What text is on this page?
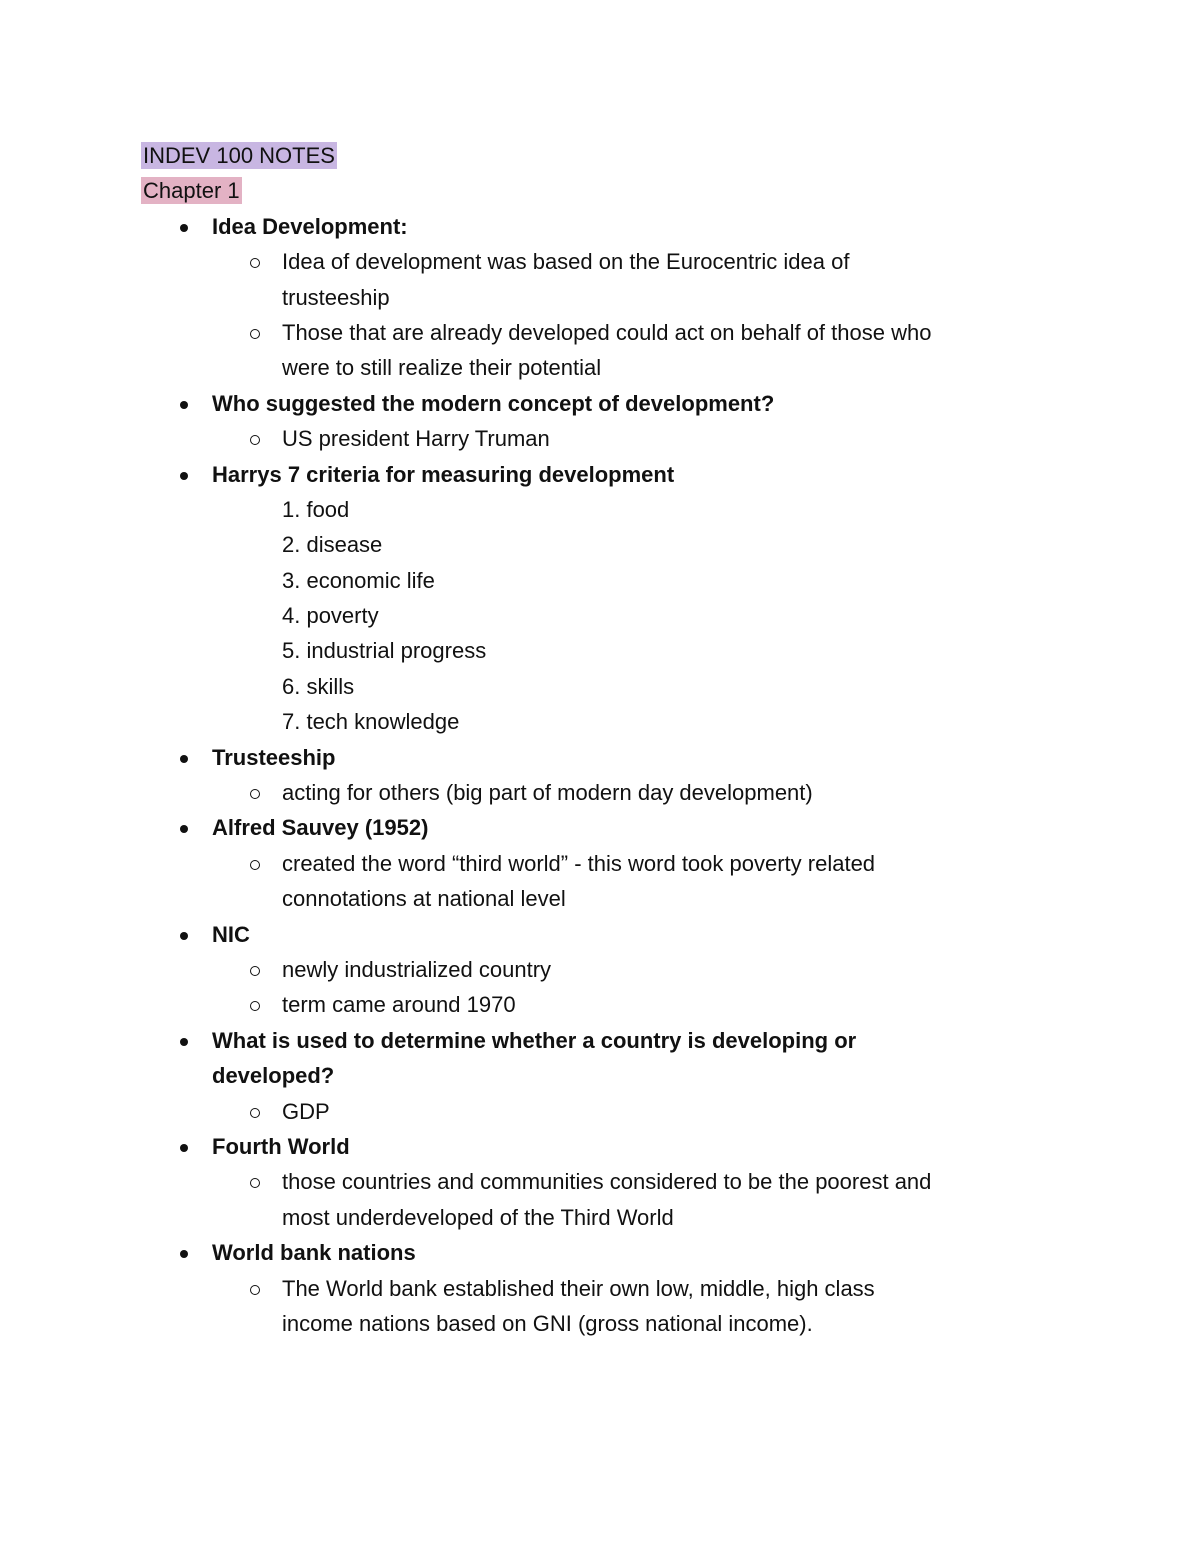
INDEV 100 NOTES
Chapter 1
Idea Development:
Idea of development was based on the Eurocentric idea of
trusteeship
Those that are already developed could act on behalf of those who
were to still realize their potential
Who suggested the modern concept of development?
US president Harry Truman
Harrys 7 criteria for measuring development
1. food
2. disease
3. economic life
4. poverty
5. industrial progress
6. skills
7. tech knowledge
Trusteeship
acting for others (big part of modern day development)
Alfred Sauvey (1952)
created the word “third world” - this word took poverty related
connotations at national level
NIC
newly industrialized country
term came around 1970
What is used to determine whether a country is developing or
developed?
GDP
Fourth World
those countries and communities considered to be the poorest and
most underdeveloped of the Third World
World bank nations
The World bank established their own low, middle, high class
income nations based on GNI (gross national income).
